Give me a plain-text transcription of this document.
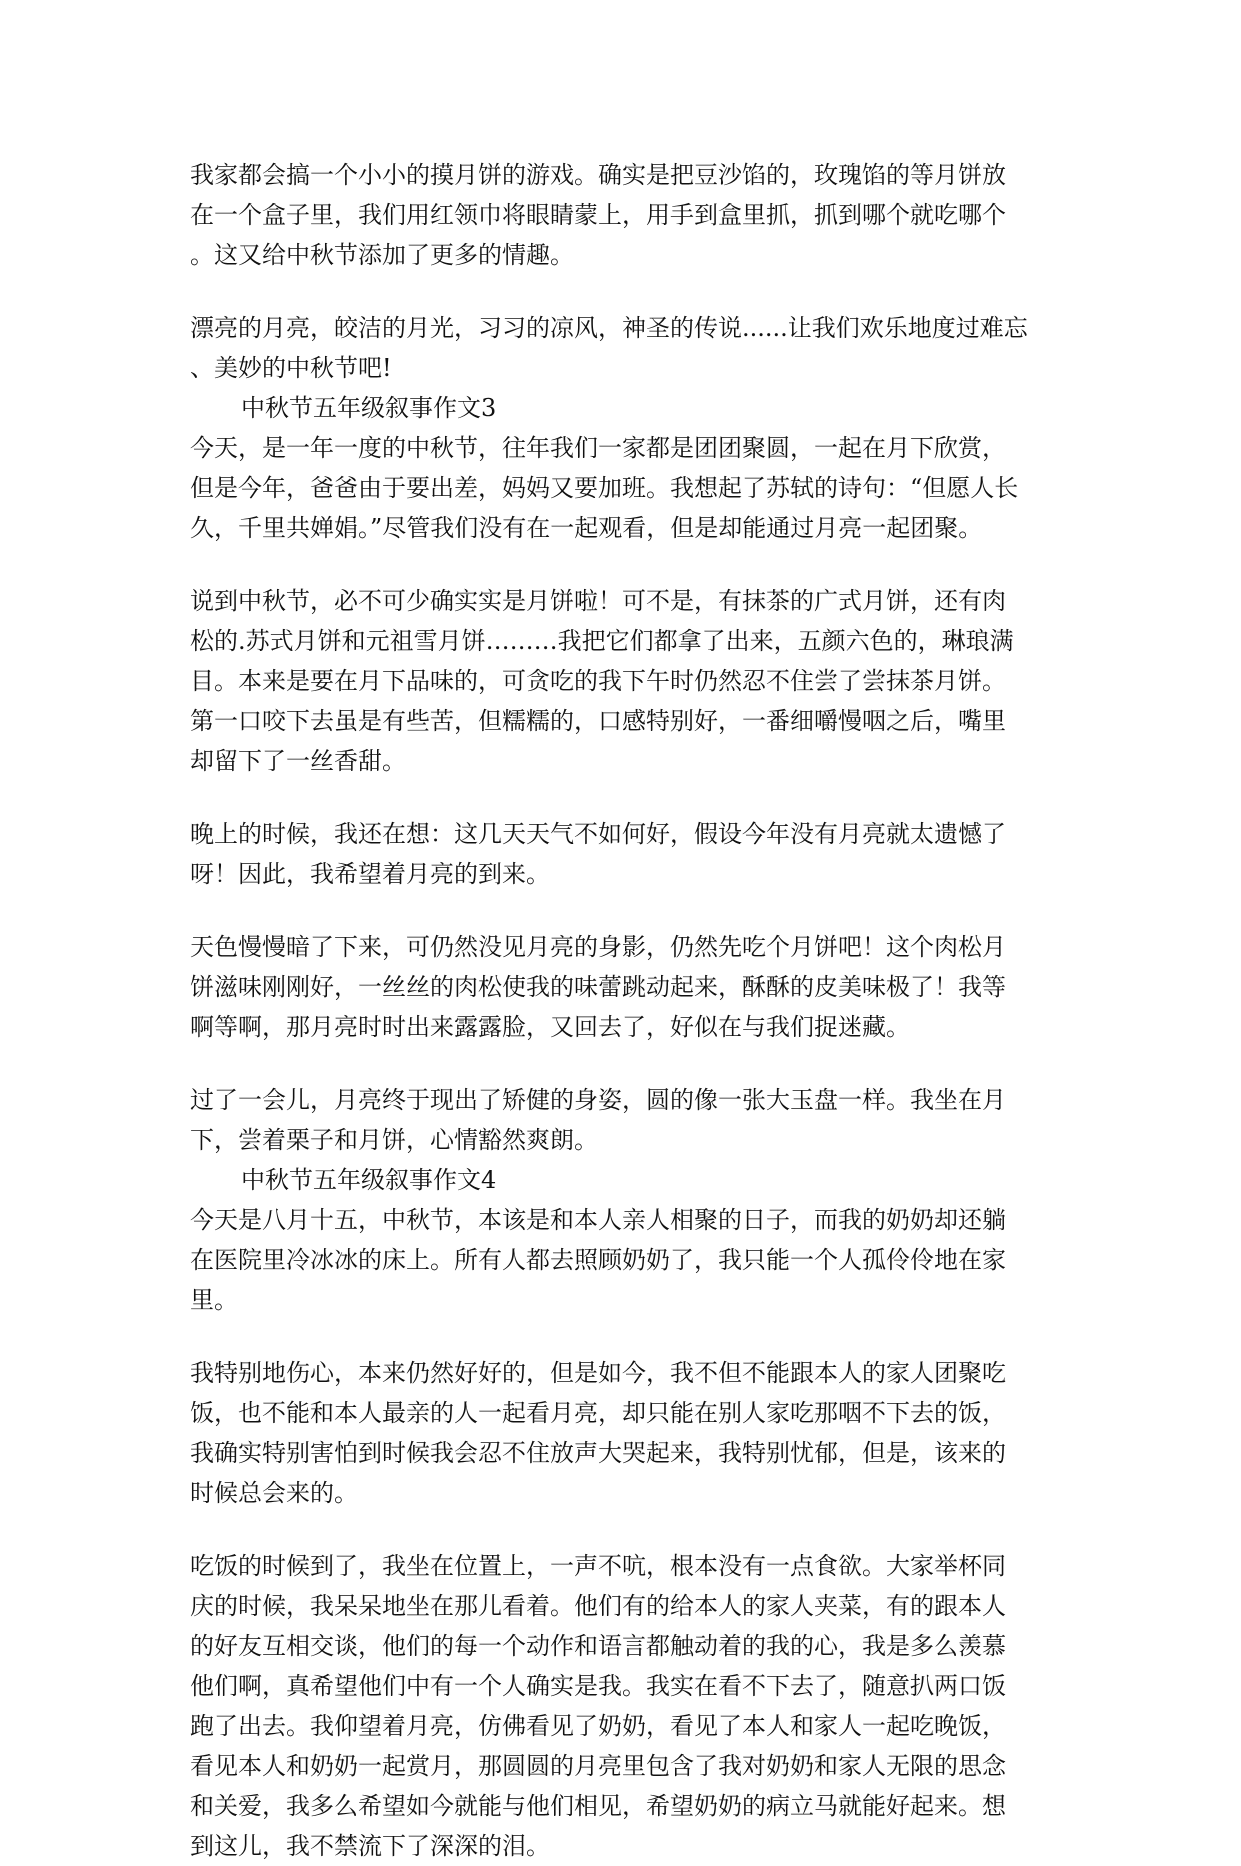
我家都会搞一个小小的摸月饼的游戏。确实是把豆沙馅的，玫瑰馅的等月饼放
在一个盒子里，我们用红领巾将眼睛蒙上，用手到盒里抓，抓到哪个就吃哪个
。这又给中秋节添加了更多的情趣。
漂亮的月亮，皎洁的月光，习习的凉风，神圣的传说......让我们欢乐地度过难忘
、美妙的中秋节吧!
中秋节五年级叙事作文3
今天，是一年一度的中秋节，往年我们一家都是团团聚圆，一起在月下欣赏，
但是今年，爸爸由于要出差，妈妈又要加班。我想起了苏轼的诗句：“但愿人长
久，千里共婵娟。”尽管我们没有在一起观看，但是却能通过月亮一起团聚。
说到中秋节，必不可少确实实是月饼啦！可不是，有抹茶的广式月饼，还有肉
松的.苏式月饼和元祖雪月饼………我把它们都拿了出来，五颜六色的，琳琅满
目。本来是要在月下品味的，可贪吃的我下午时仍然忍不住尝了尝抹茶月饼。
第一口咬下去虽是有些苦，但糯糯的，口感特别好，一番细嚼慢咽之后，嘴里
却留下了一丝香甜。
晚上的时候，我还在想：这几天天气不如何好，假设今年没有月亮就太遗憾了
呀！因此，我希望着月亮的到来。
天色慢慢暗了下来，可仍然没见月亮的身影，仍然先吃个月饼吧！这个肉松月
饼滋味刚刚好，一丝丝的肉松使我的味蕾跳动起来，酥酥的皮美味极了！我等
啊等啊，那月亮时时出来露露脸，又回去了，好似在与我们捉迷藏。
过了一会儿，月亮终于现出了矫健的身姿，圆的像一张大玉盘一样。我坐在月
下，尝着栗子和月饼，心情豁然爽朗。
中秋节五年级叙事作文4
今天是八月十五，中秋节，本该是和本人亲人相聚的日子，而我的奶奶却还躺
在医院里冷冰冰的床上。所有人都去照顾奶奶了，我只能一个人孤伶伶地在家
里。
我特别地伤心，本来仍然好好的，但是如今，我不但不能跟本人的家人团聚吃
饭，也不能和本人最亲的人一起看月亮，却只能在别人家吃那咽不下去的饭，
我确实特别害怕到时候我会忍不住放声大哭起来，我特别忧郁，但是，该来的
时候总会来的。
吃饭的时候到了，我坐在位置上，一声不吭，根本没有一点食欲。大家举杯同
庆的时候，我呆呆地坐在那儿看着。他们有的给本人的家人夹菜，有的跟本人
的好友互相交谈，他们的每一个动作和语言都触动着的我的心，我是多么羡慕
他们啊，真希望他们中有一个人确实是我。我实在看不下去了，随意扒两口饭
跑了出去。我仰望着月亮，仿佛看见了奶奶，看见了本人和家人一起吃晚饭，
看见本人和奶奶一起赏月，那圆圆的月亮里包含了我对奶奶和家人无限的思念
和关爱，我多么希望如今就能与他们相见，希望奶奶的病立马就能好起来。想
到这儿，我不禁流下了深深的泪。
